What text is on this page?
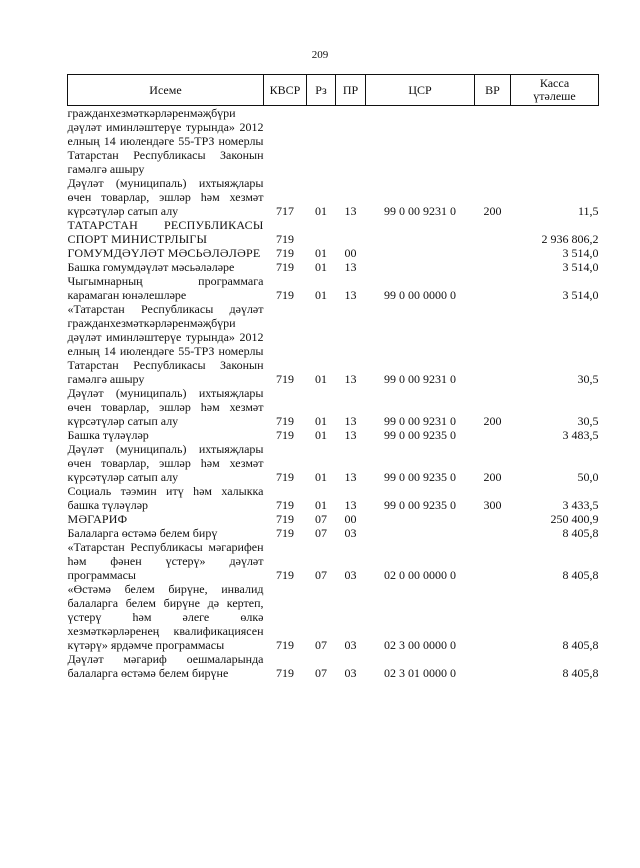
209
Исеме	КВСР	Рз	ПР	ЦСР	ВР	Касса
үтәлеше
гражданхезмәткәрләренмәҗбүри дәүләт иминләштерүе турында» 2012 елның 14 июлендәге 55-ТРЗ номерлы Татарстан Республикасы Законын гамәлгә ашыру						
Дәүләт (муниципаль) ихтыяҗлары өчен товарлар, эшләр һәм хезмәт күрсәтүләр сатып алу	717	01	13	99 0 00 9231 0	200	11,5
ТАТАРСТАН РЕСПУБЛИКАСЫ СПОРТ МИНИСТРЛЫГЫ	719					2 936 806,2
ГОМУМДӘҮЛӘТ МӘСЬӘЛӘЛӘРЕ	719	01	00			3 514,0
Башка гомумдәүләт мәсьәләләре	719	01	13			3 514,0
Чыгымнарның программага карамаган юнәлешләре	719	01	13	99 0 00 0000 0		3 514,0
«Татарстан Республикасы дәүләт гражданхезмәткәрләренмәҗбүри дәүләт иминләштерүе турында» 2012 елның 14 июлендәге 55-ТРЗ номерлы Татарстан Республикасы Законын гамәлгә ашыру	719	01	13	99 0 00 9231 0		30,5
Дәүләт (муниципаль) ихтыяҗлары өчен товарлар, эшләр һәм хезмәт күрсәтүләр сатып алу	719	01	13	99 0 00 9231 0	200	30,5
Башка түләүләр	719	01	13	99 0 00 9235 0		3 483,5
Дәүләт (муниципаль) ихтыяҗлары өчен товарлар, эшләр һәм хезмәт күрсәтүләр сатып алу	719	01	13	99 0 00 9235 0	200	50,0
Социаль тәэмин итү һәм халыкка башка түләүләр	719	01	13	99 0 00 9235 0	300	3 433,5
МӘГАРИФ	719	07	00			250 400,9
Балаларга өстәмә белем бирү	719	07	03			8 405,8
«Татарстан Республикасы мәгарифен һәм фәнен үстерү» дәүләт программасы	719	07	03	02 0 00 0000 0		8 405,8
«Өстәмә белем бирүне, инвалид балаларга белем бирүне дә кертеп, үстерү һәм әлеге өлкә хезмәткәрләренең квалификациясен күтәрү» ярдәмче программасы	719	07	03	02 3 00 0000 0		8 405,8
Дәүләт мәгариф оешмаларында балаларга өстәмә белем бирүне	719	07	03	02 3 01 0000 0		8 405,8
